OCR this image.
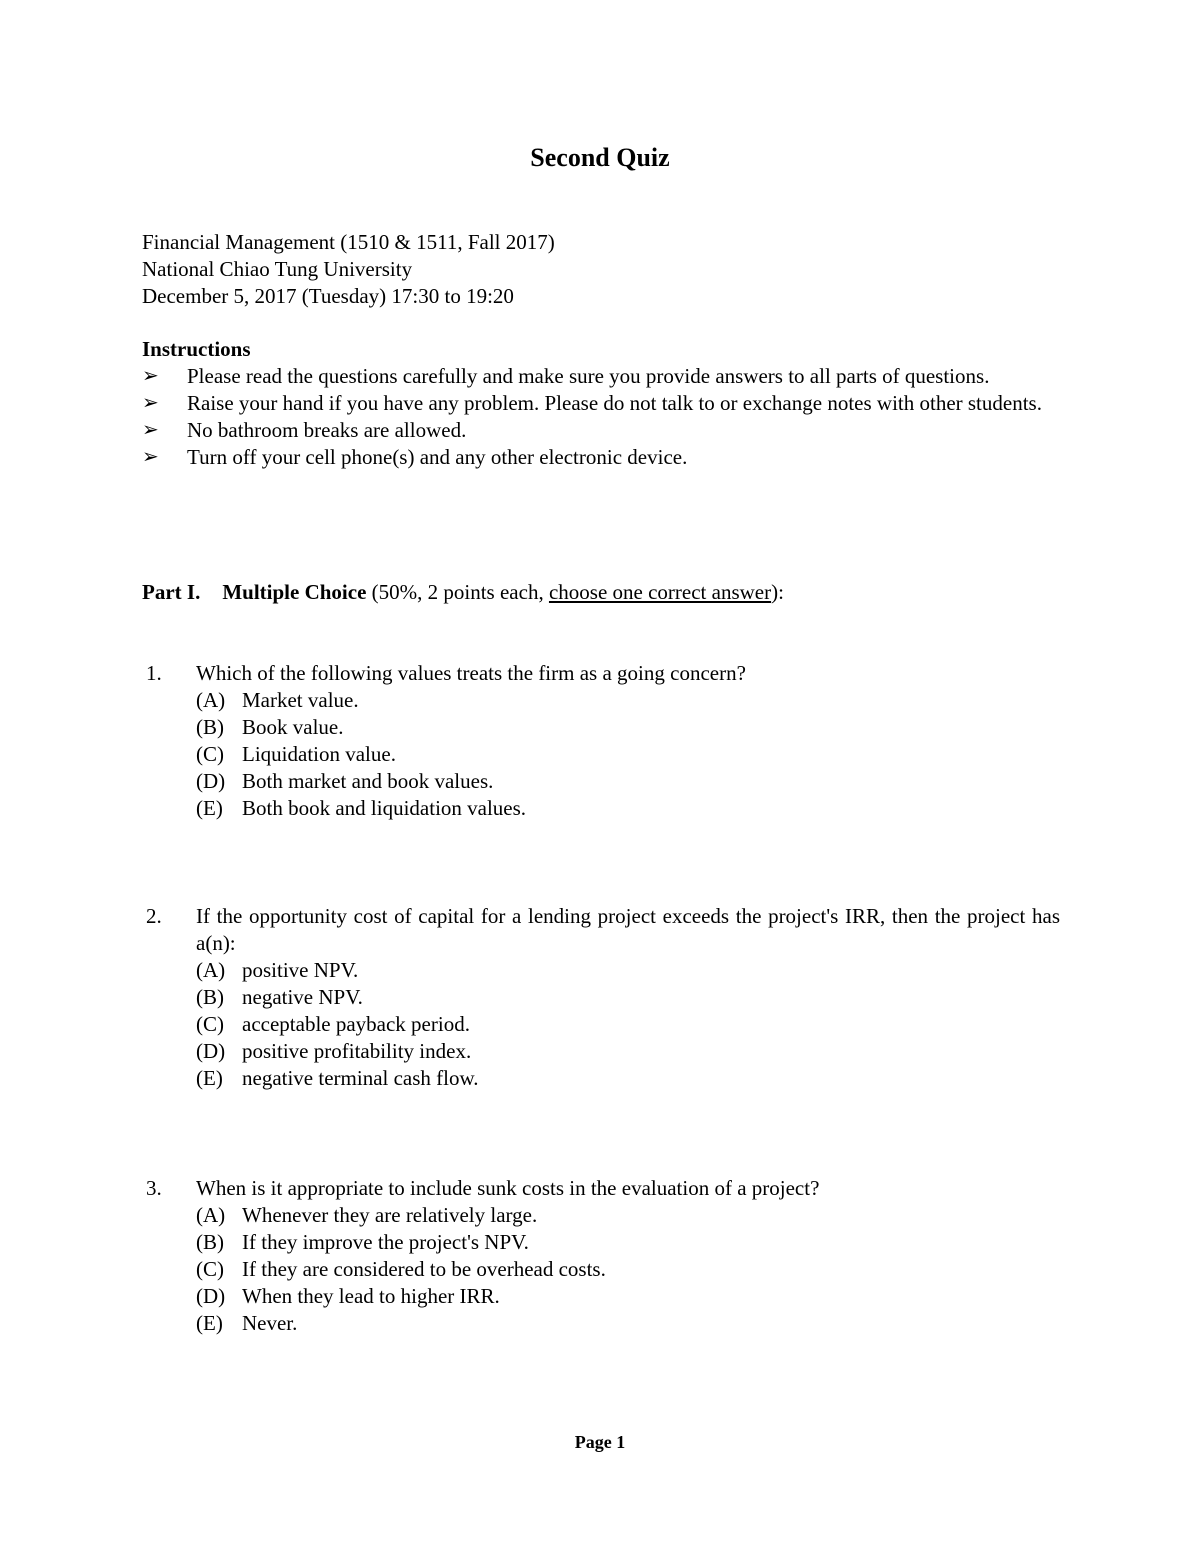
Second Quiz
Financial Management (1510 & 1511, Fall 2017)
National Chiao Tung University
December 5, 2017 (Tuesday) 17:30 to 19:20
Instructions
➢ Please read the questions carefully and make sure you provide answers to all parts of questions.
➢ Raise your hand if you have any problem. Please do not talk to or exchange notes with other students.
➢ No bathroom breaks are allowed.
➢ Turn off your cell phone(s) and any other electronic device.
Part I. Multiple Choice (50%, 2 points each, choose one correct answer):
1. Which of the following values treats the firm as a going concern?
(A) Market value.
(B) Book value.
(C) Liquidation value.
(D) Both market and book values.
(E) Both book and liquidation values.
2. If the opportunity cost of capital for a lending project exceeds the project's IRR, then the project has a(n):
(A) positive NPV.
(B) negative NPV.
(C) acceptable payback period.
(D) positive profitability index.
(E) negative terminal cash flow.
3. When is it appropriate to include sunk costs in the evaluation of a project?
(A) Whenever they are relatively large.
(B) If they improve the project's NPV.
(C) If they are considered to be overhead costs.
(D) When they lead to higher IRR.
(E) Never.
Page 1
